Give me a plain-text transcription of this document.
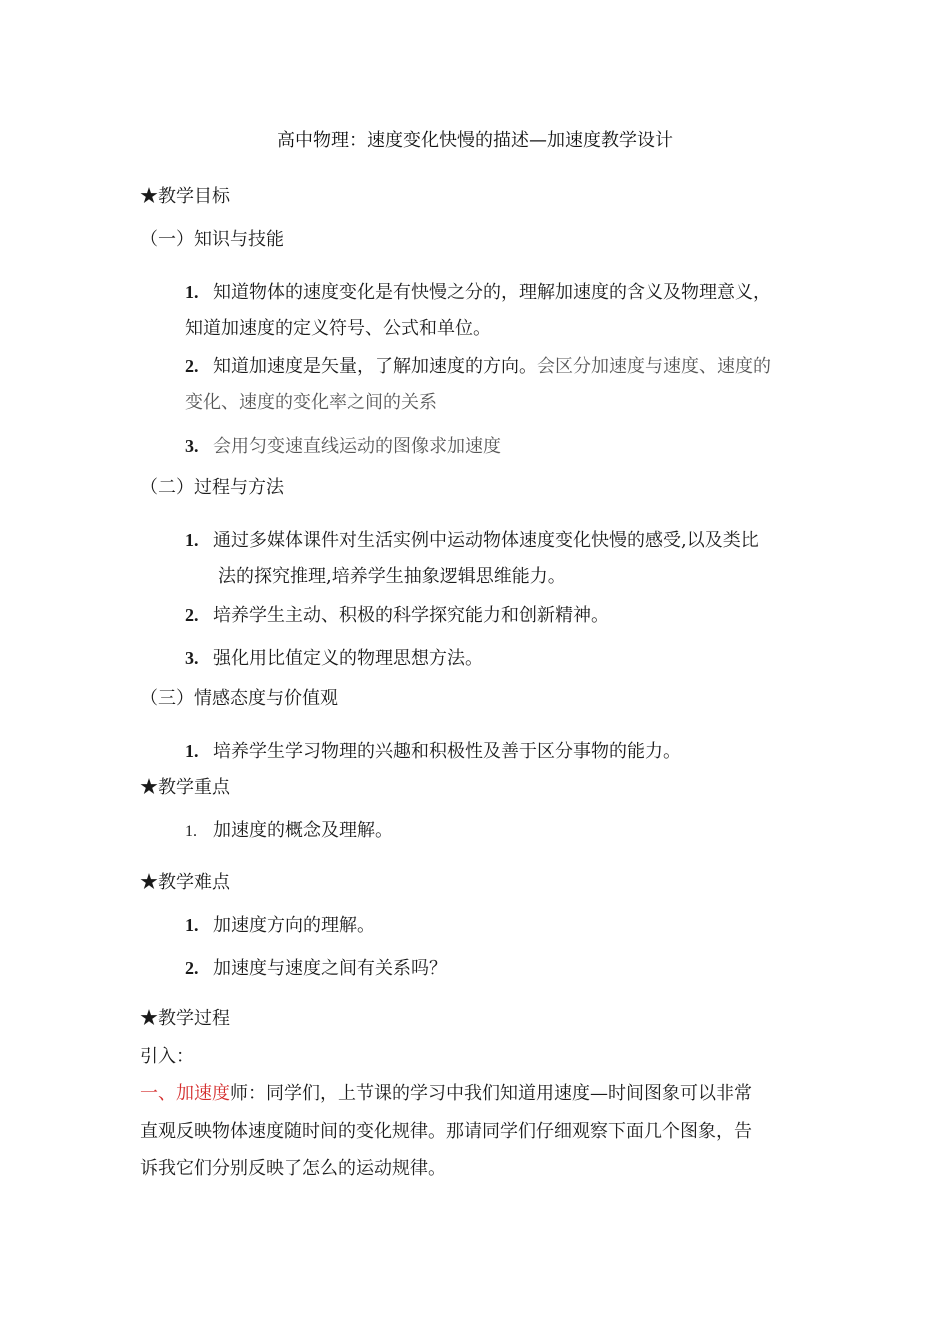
高中物理：速度变化快慢的描述—加速度教学设计
★教学目标
（一）知识与技能
1. 知道物体的速度变化是有快慢之分的，理解加速度的含义及物理意义，
知道加速度的定义符号、公式和单位。
2. 知道加速度是矢量，了解加速度的方向。会区分加速度与速度、速度的
变化、速度的变化率之间的关系
3. 会用匀变速直线运动的图像求加速度
（二）过程与方法
1. 通过多媒体课件对生活实例中运动物体速度变化快慢的感受,以及类比
法的探究推理,培养学生抽象逻辑思维能力。
2. 培养学生主动、积极的科学探究能力和创新精神。
3. 强化用比值定义的物理思想方法。
（三）情感态度与价值观
1. 培养学生学习物理的兴趣和积极性及善于区分事物的能力。
★教学重点
1. 加速度的概念及理解。
★教学难点
1. 加速度方向的理解。
2. 加速度与速度之间有关系吗？
★教学过程
引入：
一、加速度师：同学们，上节课的学习中我们知道用速度—时间图象可以非常
直观反映物体速度随时间的变化规律。那请同学们仔细观察下面几个图象，告
诉我它们分别反映了怎么的运动规律。
